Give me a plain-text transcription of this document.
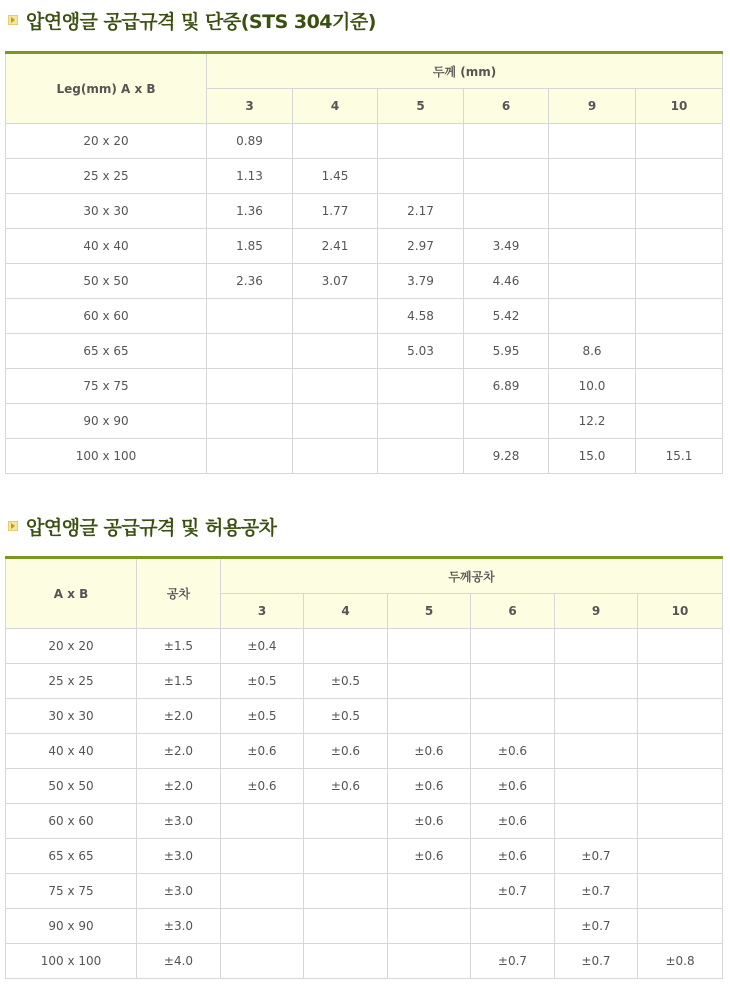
압연앵글 공급규격 및 단중(STS 304기준)
Leg(mm) A x B	두께 (mm)					
	3	4	5	6	9	10
20 x 20	0.89					
25 x 25	1.13	1.45				
30 x 30	1.36	1.77	2.17			
40 x 40	1.85	2.41	2.97	3.49		
50 x 50	2.36	3.07	3.79	4.46		
60 x 60			4.58	5.42		
65 x 65			5.03	5.95	8.6	
75 x 75				6.89	10.0	
90 x 90					12.2	
100 x 100				9.28	15.0	15.1
압연앵글 공급규격 및 허용공차
A x B	공차	두께공차					
		3	4	5	6	9	10
20 x 20	±1.5	±0.4					
25 x 25	±1.5	±0.5	±0.5				
30 x 30	±2.0	±0.5	±0.5				
40 x 40	±2.0	±0.6	±0.6	±0.6	±0.6		
50 x 50	±2.0	±0.6	±0.6	±0.6	±0.6		
60 x 60	±3.0			±0.6	±0.6		
65 x 65	±3.0			±0.6	±0.6	±0.7	
75 x 75	±3.0				±0.7	±0.7	
90 x 90	±3.0					±0.7	
100 x 100	±4.0				±0.7	±0.7	±0.8
